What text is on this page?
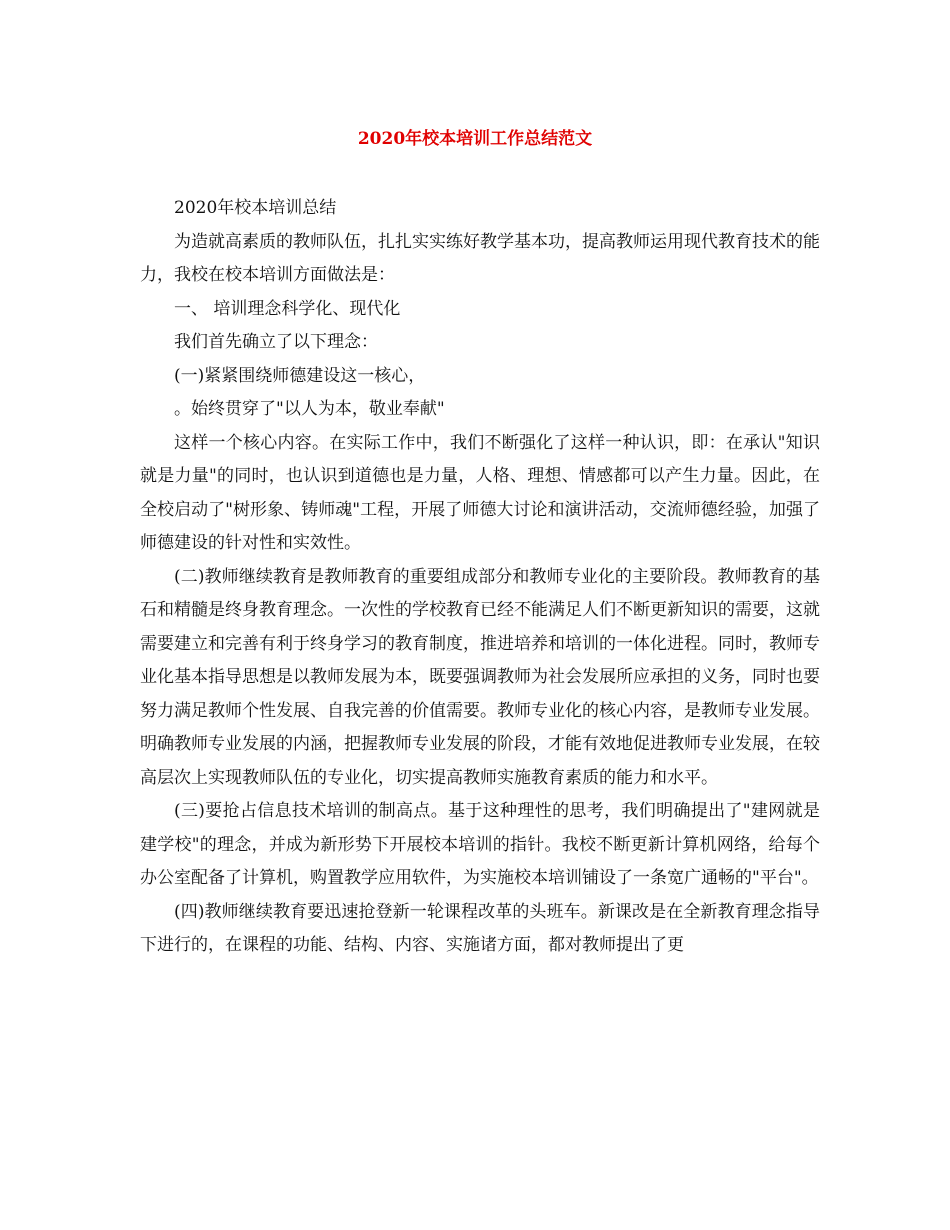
2020年校本培训工作总结范文

2020年校本培训总结

为造就高素质的教师队伍，扎扎实实练好教学基本功，提高教师运用现代教育技术的能力，我校在校本培训方面做法是：

一、 培训理念科学化、现代化

我们首先确立了以下理念：

(一)紧紧围绕师德建设这一核心，

。始终贯穿了"以人为本，敬业奉献"

这样一个核心内容。在实际工作中，我们不断强化了这样一种认识，即：在承认"知识就是力量"的同时，也认识到道德也是力量，人格、理想、情感都可以产生力量。因此，在全校启动了"树形象、铸师魂"工程，开展了师德大讨论和演讲活动，交流师德经验，加强了师德建设的针对性和实效性。

(二)教师继续教育是教师教育的重要组成部分和教师专业化的主要阶段。教师教育的基石和精髓是终身教育理念。一次性的学校教育已经不能满足人们不断更新知识的需要，这就需要建立和完善有利于终身学习的教育制度，推进培养和培训的一体化进程。同时，教师专业化基本指导思想是以教师发展为本，既要强调教师为社会发展所应承担的义务，同时也要努力满足教师个性发展、自我完善的价值需要。教师专业化的核心内容，是教师专业发展。明确教师专业发展的内涵，把握教师专业发展的阶段，才能有效地促进教师专业发展，在较高层次上实现教师队伍的专业化，切实提高教师实施教育素质的能力和水平。

(三)要抢占信息技术培训的制高点。基于这种理性的思考，我们明确提出了"建网就是建学校"的理念，并成为新形势下开展校本培训的指针。我校不断更新计算机网络，给每个办公室配备了计算机，购置教学应用软件，为实施校本培训铺设了一条宽广通畅的"平台"。

(四)教师继续教育要迅速抢登新一轮课程改革的头班车。新课改是在全新教育理念指导下进行的，在课程的功能、结构、内容、实施诸方面，都对教师提出了更
